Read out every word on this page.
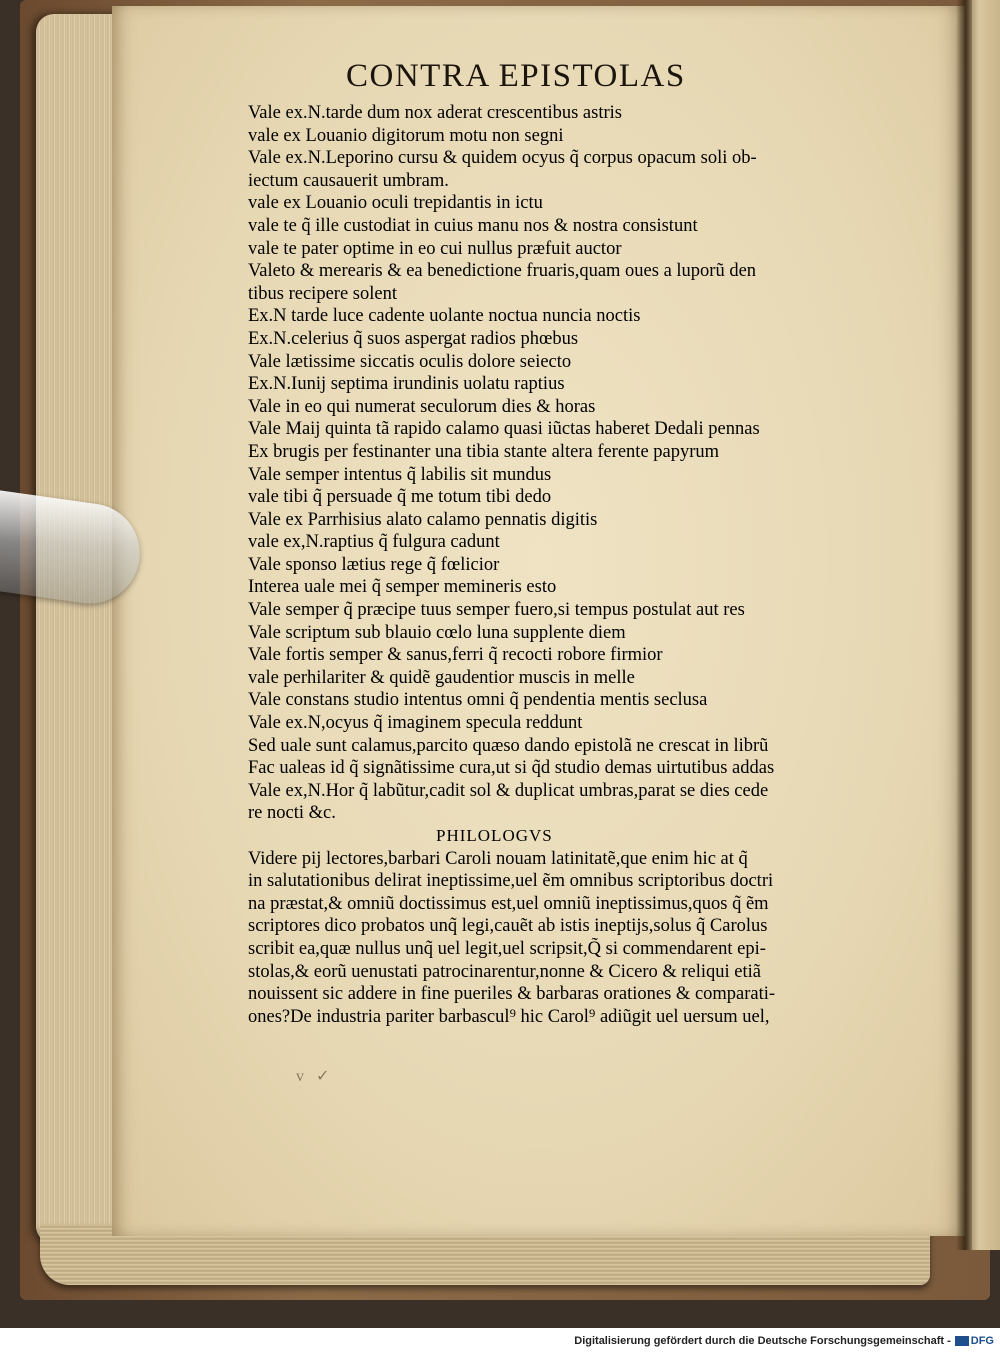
CONTRA EPISTOLAS
Vale ex.N.tarde dum nox aderat crescentibus astris
vale ex Louanio digitorum motu non segni
Vale ex.N.Leporino cursu & quidem ocyus q̃ corpus opacum soli ob-
iectum causauerit umbram.
vale ex Louanio oculi trepidantis in ictu
vale te q̃ ille custodiat in cuius manu nos & nostra consistunt
vale te pater optime in eo cui nullus præfuit auctor
Valeto & merearis & ea benedictione fruaris,quam oues a luporũ den
tibus recipere solent
Ex.N tarde luce cadente uolante noctua nuncia noctis
Ex.N.celerius q̃ suos aspergat radios phœbus
Vale lætissime siccatis oculis dolore seiecto
Ex.N.Iunij septima irundinis uolatu raptius
Vale in eo qui numerat seculorum dies & horas
Vale Maij quinta tã rapido calamo quasi iũctas haberet Dedali pennas
Ex brugis per festinanter una tibia stante altera ferente papyrum
Vale semper intentus q̃ labilis sit mundus
vale tibi q̃ persuade q̃ me totum tibi dedo
Vale ex Parrhisius alato calamo pennatis digitis
vale ex,N.raptius q̃ fulgura cadunt
Vale sponso lætius rege q̃ fœlicior
Interea uale mei q̃ semper memineris esto
Vale semper q̃ præcipe tuus semper fuero,si tempus postulat aut res
Vale scriptum sub blauio cœlo luna supplente diem
Vale fortis semper & sanus,ferri q̃ recocti robore firmior
vale perhilariter & quidẽ gaudentior muscis in melle
Vale constans studio intentus omni q̃ pendentia mentis seclusa
Vale ex.N,ocyus q̃ imaginem specula reddunt
Sed uale sunt calamus,parcito quæso dando epistolã ne crescat in librũ
Fac ualeas id q̃ signãtissime cura,ut si q̃d studio demas uirtutibus addas
Vale ex,N.Hor q̃ labũtur,cadit sol & duplicat umbras,parat se dies cede
re nocti &c.
PHILOLOGVS
Videre pij lectores,barbari Caroli nouam latinitatẽ,que enim hic at q̃
in salutationibus delirat ineptissime,uel ẽm omnibus scriptoribus doctri
na præstat,& omniũ doctissimus est,uel omniũ ineptissimus,quos q̃ ẽm
scriptores dico probatos unq̃ legi,cauẽt ab istis ineptijs,solus q̃ Carolus
scribit ea,quæ nullus unq̃ uel legit,uel scripsit,Q̃ si commendarent epi-
stolas,& eorũ uenustati patrocinarentur,nonne & Cicero & reliqui etiã
nouissent sic addere in fine pueriles & barbaras orationes & comparati-
ones?De industria pariter barbascul⁹ hic Carol⁹ adiũgit uel uersum uel,
v ✓
Digitalisierung gefördert durch die Deutsche Forschungsgemeinschaft - DFG
